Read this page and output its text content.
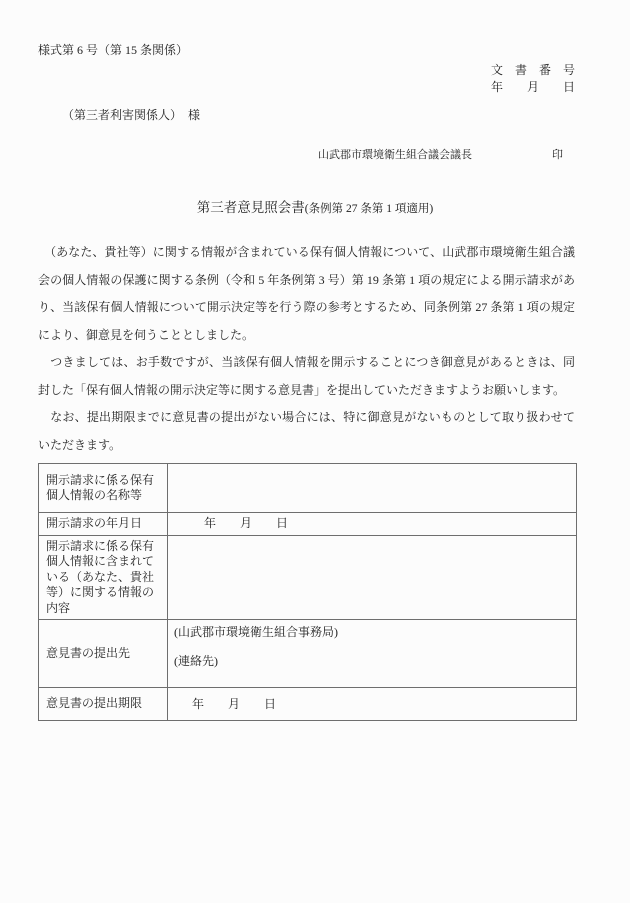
様式第 6 号（第 15 条関係）
文　書　番　号
年　　月　　日
（第三者利害関係人）　様
山武郡市環境衛生組合議会議長	印
第三者意見照会書(条例第 27 条第 1 項適用)

　（あなた、貴社等）に関する情報が含まれている保有個人情報について、山武郡市環境衛生組合議会の個人情報の保護に関する条例（令和 5 年条例第 3 号）第 19 条第 1 項の規定による開示請求があり、当該保有個人情報について開示決定等を行う際の参考とするため、同条例第 27 条第 1 項の規定により、御意見を伺うこととしました。

　つきましては、お手数ですが、当該保有個人情報を開示することにつき御意見があるときは、同封した「保有個人情報の開示決定等に関する意見書」を提出していただきますようお願いします。

　なお、提出期限までに意見書の提出がない場合には、特に御意見がないものとして取り扱わせていただきます。

開示請求に係る保有個人情報の名称等	
開示請求の年月日	年　　月　　日
開示請求に係る保有個人情報に含まれている（あなた、貴社等）に関する情報の内容	
意見書の提出先	(山武郡市環境衛生組合事務局)
(連絡先)

意見書の提出期限	年　　月　　日
